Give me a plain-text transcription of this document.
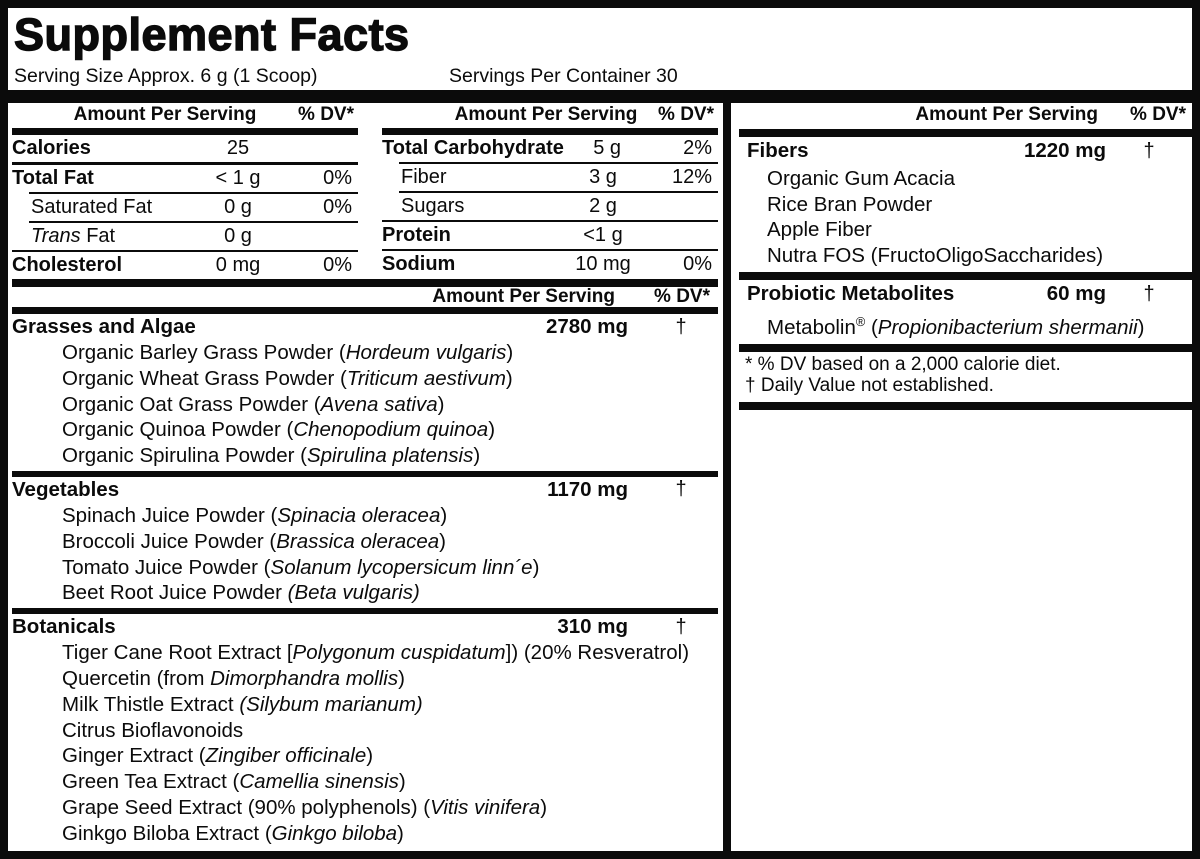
Supplement Facts
Serving Size Approx. 6 g (1 Scoop)	Servings Per Container 30
Amount Per Serving	% DV*
Calories	25
Total Fat	< 1 g	0%
Saturated Fat	0 g	0%
Trans Fat	0 g
Cholesterol	0 mg	0%
Amount Per Serving	% DV*
Total Carbohydrate	5 g	2%
Fiber	3 g	12%
Sugars	2 g
Protein	<1 g
Sodium	10 mg	0%
Amount Per Serving	% DV*
Grasses and Algae	2780 mg	†
Organic Barley Grass Powder (Hordeum vulgaris)
Organic Wheat Grass Powder (Triticum aestivum)
Organic Oat Grass Powder (Avena sativa)
Organic Quinoa Powder (Chenopodium quinoa)
Organic Spirulina Powder (Spirulina platensis)
Vegetables	1170 mg	†
Spinach Juice Powder (Spinacia oleracea)
Broccoli Juice Powder (Brassica oleracea)
Tomato Juice Powder (Solanum lycopersicum linn´e)
Beet Root Juice Powder (Beta vulgaris)
Botanicals	310 mg	†
Tiger Cane Root Extract [Polygonum cuspidatum]) (20% Resveratrol)
Quercetin (from Dimorphandra mollis)
Milk Thistle Extract (Silybum marianum)
Citrus Bioflavonoids
Ginger Extract (Zingiber officinale)
Green Tea Extract (Camellia sinensis)
Grape Seed Extract (90% polyphenols) (Vitis vinifera)
Ginkgo Biloba Extract (Ginkgo biloba)
Amount Per Serving	% DV*
Fibers	1220 mg	†
Organic Gum Acacia
Rice Bran Powder
Apple Fiber
Nutra FOS (FructoOligoSaccharides)
Probiotic Metabolites	60 mg	†
Metabolin® (Propionibacterium shermanii)
* % DV based on a 2,000 calorie diet.
† Daily Value not established.
